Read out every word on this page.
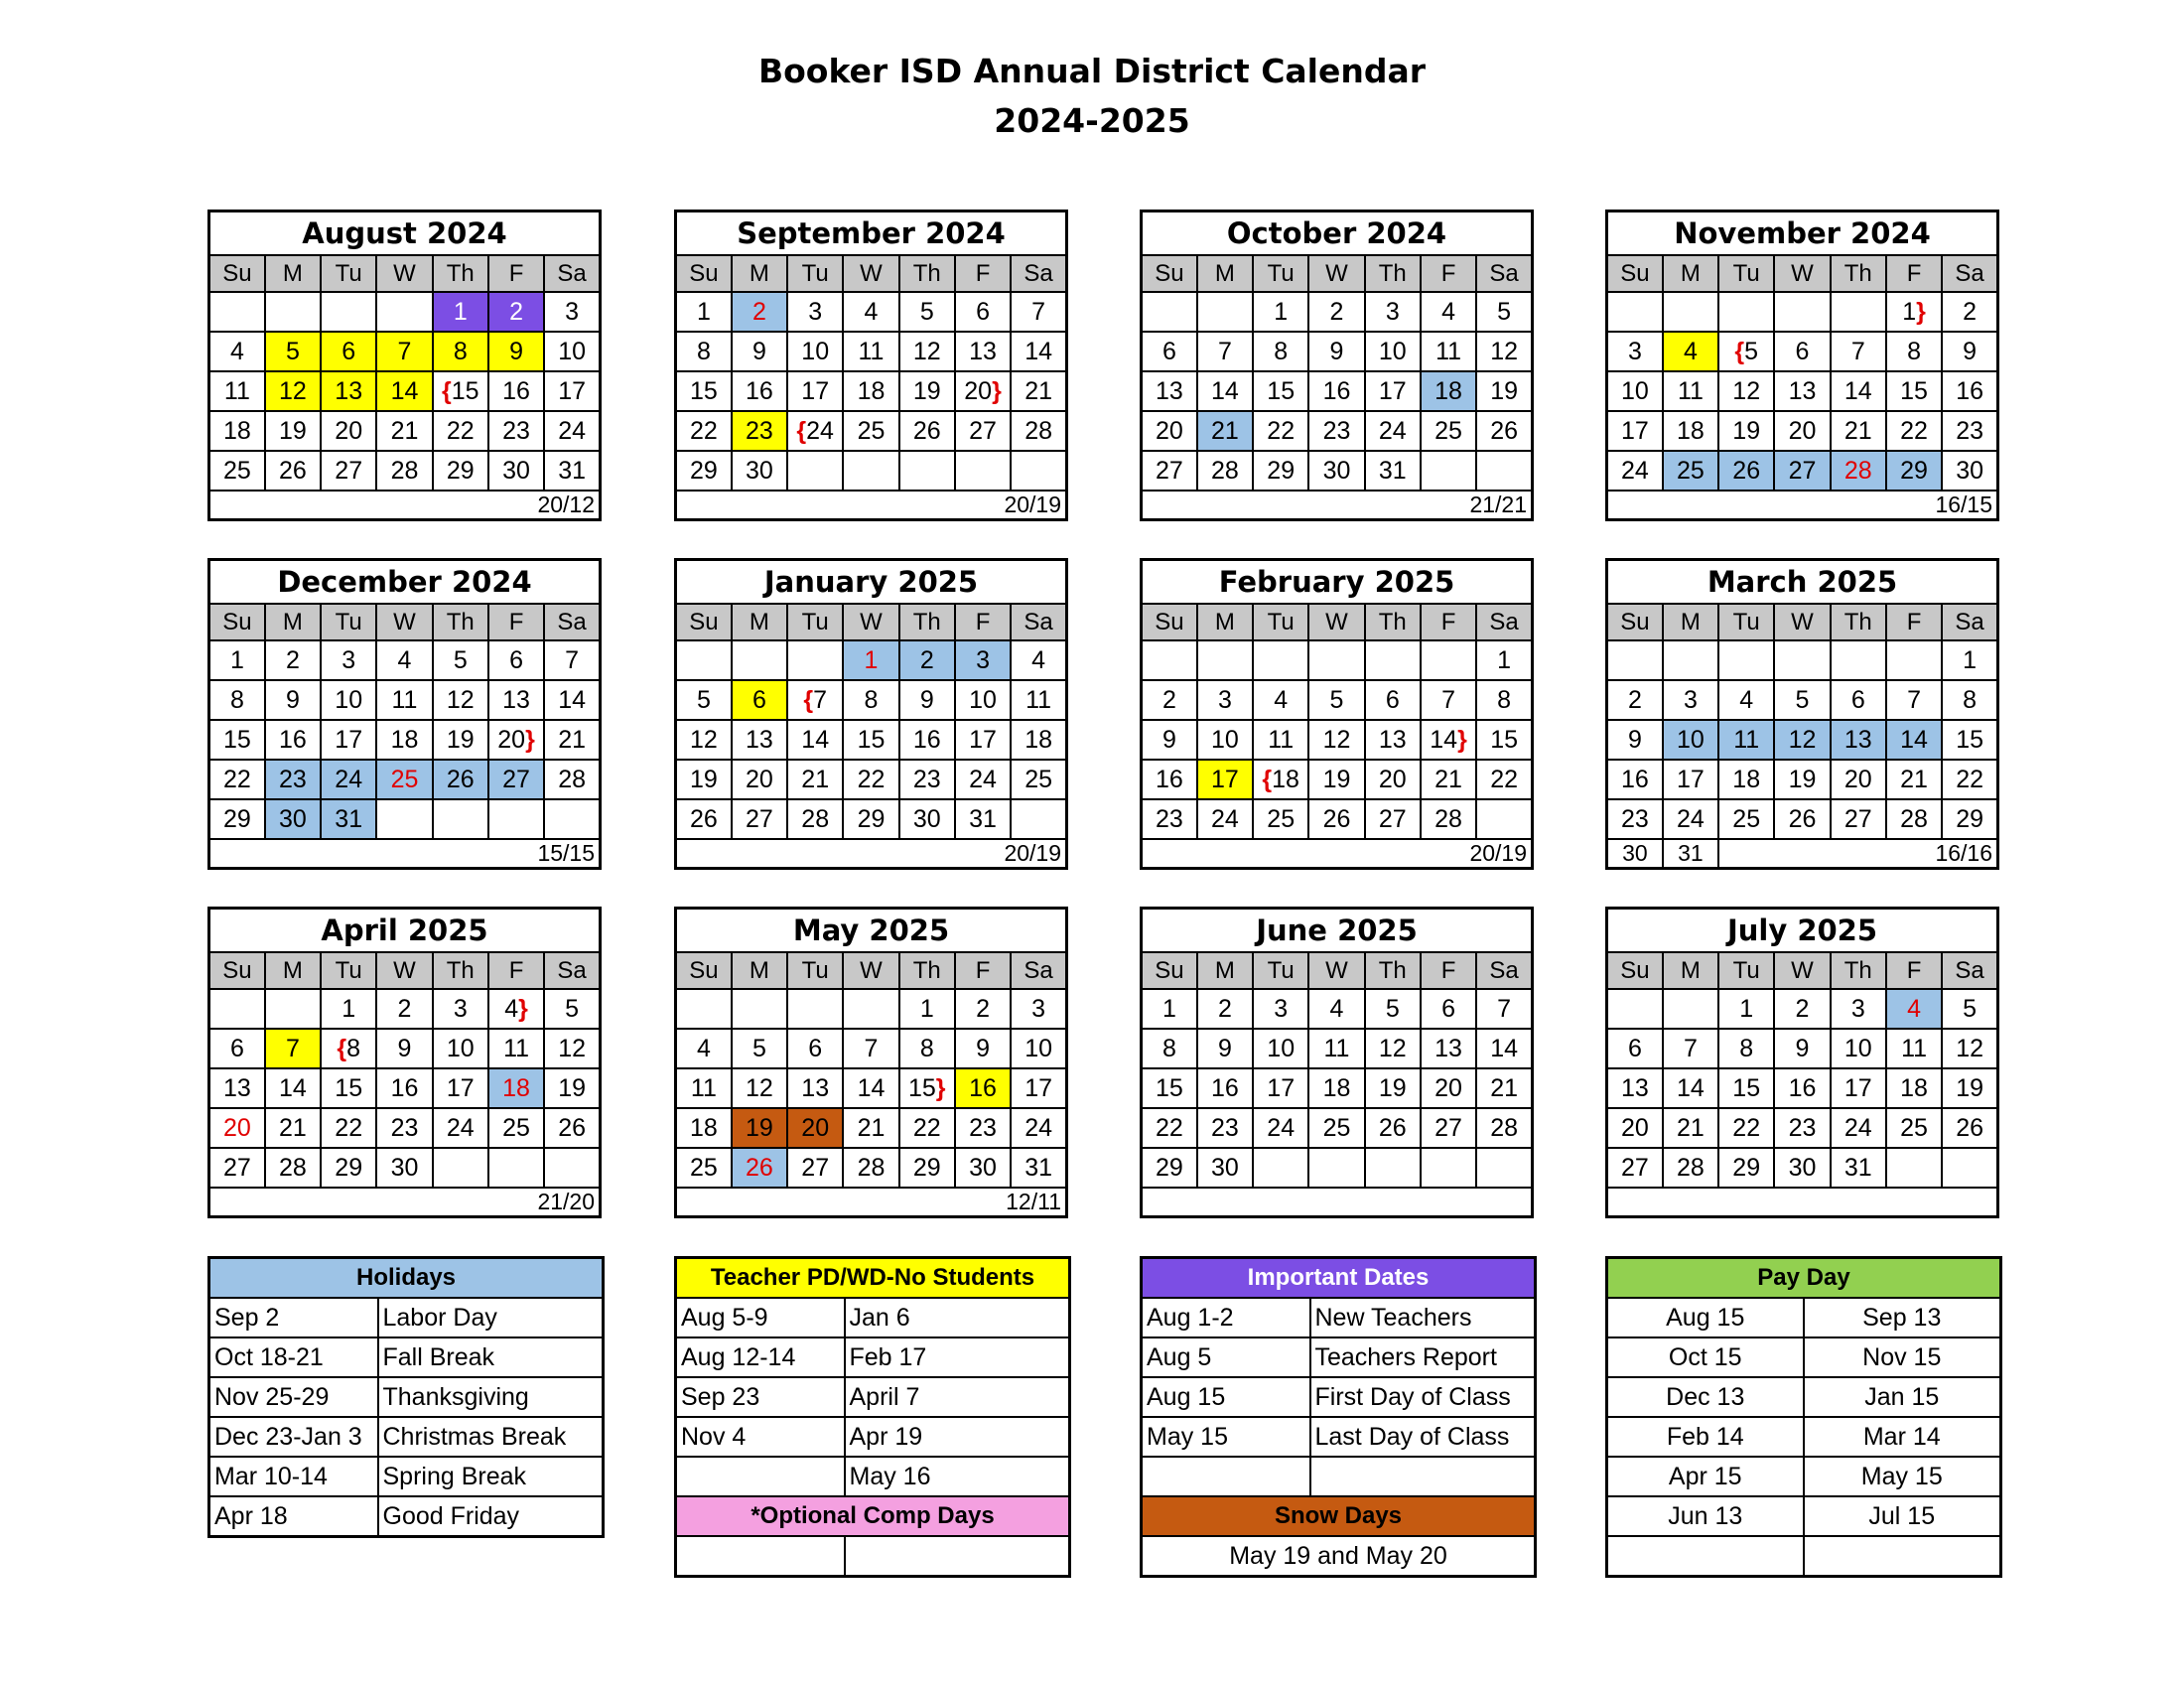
Booker ISD Annual District Calendar
2024-2025
August 2024						
Su	M	Tu	W	Th	F	Sa
				1	2	3
4	5	6	7	8	9	10
11	12	13	14	{15	16	17
18	19	20	21	22	23	24
25	26	27	28	29	30	31
20/12						
September 2024						
Su	M	Tu	W	Th	F	Sa
1	2	3	4	5	6	7
8	9	10	11	12	13	14
15	16	17	18	19	20}	21
22	23	{24	25	26	27	28
29	30					
20/19						
October 2024						
Su	M	Tu	W	Th	F	Sa
		1	2	3	4	5
6	7	8	9	10	11	12
13	14	15	16	17	18	19
20	21	22	23	24	25	26
27	28	29	30	31		
21/21						
November 2024						
Su	M	Tu	W	Th	F	Sa
					1}	2
3	4	{5	6	7	8	9
10	11	12	13	14	15	16
17	18	19	20	21	22	23
24	25	26	27	28	29	30
16/15						
December 2024						
Su	M	Tu	W	Th	F	Sa
1	2	3	4	5	6	7
8	9	10	11	12	13	14
15	16	17	18	19	20}	21
22	23	24	25	26	27	28
29	30	31				
15/15						
January 2025						
Su	M	Tu	W	Th	F	Sa
			1	2	3	4
5	6	{7	8	9	10	11
12	13	14	15	16	17	18
19	20	21	22	23	24	25
26	27	28	29	30	31	
20/19						
February 2025						
Su	M	Tu	W	Th	F	Sa
						1
2	3	4	5	6	7	8
9	10	11	12	13	14}	15
16	17	{18	19	20	21	22
23	24	25	26	27	28	
20/19						
March 2025						
Su	M	Tu	W	Th	F	Sa
						1
2	3	4	5	6	7	8
9	10	11	12	13	14	15
16	17	18	19	20	21	22
23	24	25	26	27	28	29
30	31	16/16				
April 2025						
Su	M	Tu	W	Th	F	Sa
		1	2	3	4}	5
6	7	{8	9	10	11	12
13	14	15	16	17	18	19
20	21	22	23	24	25	26
27	28	29	30			
21/20						
May 2025						
Su	M	Tu	W	Th	F	Sa
				1	2	3
4	5	6	7	8	9	10
11	12	13	14	15}	16	17
18	19	20	21	22	23	24
25	26	27	28	29	30	31
12/11						
June 2025						
Su	M	Tu	W	Th	F	Sa
1	2	3	4	5	6	7
8	9	10	11	12	13	14
15	16	17	18	19	20	21
22	23	24	25	26	27	28
29	30					

July 2025						
Su	M	Tu	W	Th	F	Sa
		1	2	3	4	5
6	7	8	9	10	11	12
13	14	15	16	17	18	19
20	21	22	23	24	25	26
27	28	29	30	31		

Holidays	
Sep 2	Labor Day
Oct 18-21	Fall Break
Nov 25-29	Thanksgiving
Dec 23-Jan 3	Christmas Break
Mar 10-14	Spring Break
Apr 18	Good Friday
Teacher PD/WD-No Students	
Aug 5-9	Jan 6
Aug 12-14	Feb 17
Sep 23	April 7
Nov 4	Apr 19
	May 16
*Optional Comp Days	

Important Dates	
Aug 1-2	New Teachers
Aug 5	Teachers Report
Aug 15	First Day of Class
May 15	Last Day of Class

Snow Days	
May 19 and May 20	
Pay Day	
Aug 15	Sep 13
Oct 15	Nov 15
Dec 13	Jan 15
Feb 14	Mar 14
Apr 15	May 15
Jun 13	Jul 15
